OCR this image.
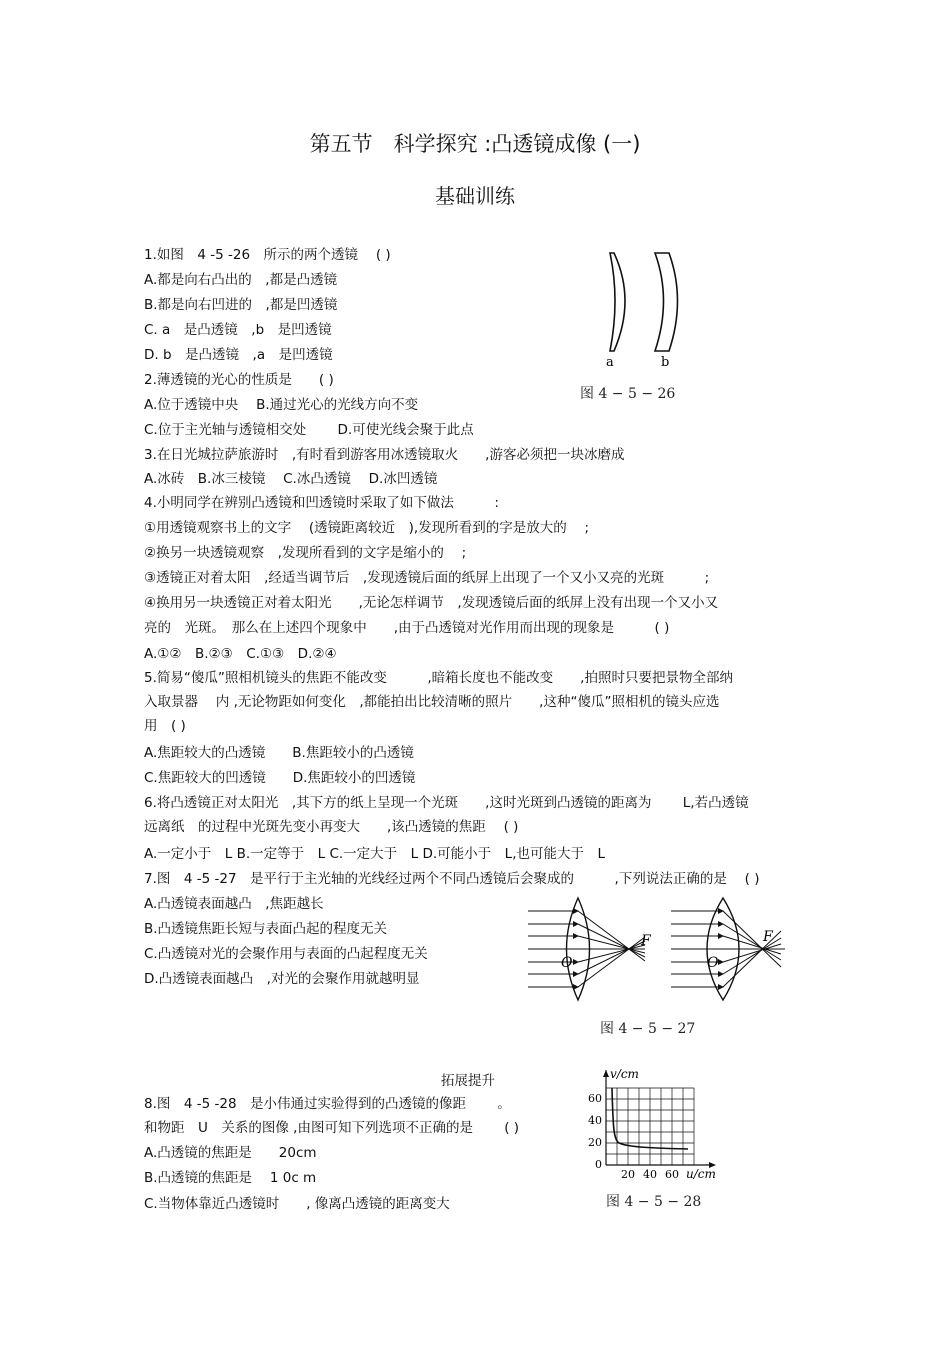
第五节　科学探究 :凸透镜成像 (一)
基础训练
1.如图　4 -5 -26　所示的两个透镜　 ( )
A.都是向右凸出的　,都是凸透镜
B.都是向右凹进的　,都是凹透镜
C. a　是凸透镜　,b　是凹透镜
D. b　是凸透镜　,a　是凹透镜
2.薄透镜的光心的性质是　　( )
A.位于透镜中央　 B.通过光心的光线方向不变
C.位于主光轴与透镜相交处　　 D.可使光线会聚于此点
3.在日光城拉萨旅游时　,有时看到游客用冰透镜取火　　,游客必须把一块冰磨成
A.冰砖　B.冰三棱镜　 C.冰凸透镜　 D.冰凹透镜
4.小明同学在辨别凸透镜和凹透镜时采取了如下做法　　　:
①用透镜观察书上的文字　 (透镜距离较近　),发现所看到的字是放大的　 ;
②换另一块透镜观察　,发现所看到的文字是缩小的　 ;
③透镜正对着太阳　,经适当调节后　,发现透镜后面的纸屏上出现了一个又小又亮的光斑　　　;
④换用另一块透镜正对着太阳光　　,无论怎样调节　,发现透镜后面的纸屏上没有出现一个又小又
亮的　光斑。　那么在上述四个现象中　　,由于凸透镜对光作用而出现的现象是　　　( )
A.①②　B.②③　C.①③　D.②④
5.简易“傻瓜”照相机镜头的焦距不能改变　　　,暗箱长度也不能改变　　,拍照时只要把景物全部纳
入取景器　 内 ,无论物距如何变化　,都能拍出比较清晰的照片　　,这种“傻瓜”照相机的镜头应选
用　( )
A.焦距较大的凸透镜　　B.焦距较小的凸透镜
C.焦距较大的凹透镜　　D.焦距较小的凹透镜
6.将凸透镜正对太阳光　,其下方的纸上呈现一个光斑　　,这时光斑到凸透镜的距离为　　 L,若凸透镜
远离纸　的过程中光斑先变小再变大　　,该凸透镜的焦距　 ( )
A.一定小于　L B.一定等于　L C.一定大于　L D.可能小于　L,也可能大于　L
7.图　4 -5 -27　是平行于主光轴的光线经过两个不同凸透镜后会聚成的　　　,下列说法正确的是　 ( )
A.凸透镜表面越凸　,焦距越长
B.凸透镜焦距长短与表面凸起的程度无关
C.凸透镜对光的会聚作用与表面的凸起程度无关
D.凸透镜表面越凸　,对光的会聚作用就越明显
拓展提升
8.图　4 -5 -28　是小伟通过实验得到的凸透镜的像距　　 。
和物距　U　关系的图像 ,由图可知下列选项不正确的是　　 ( )
A.凸透镜的焦距是　　20cm
B.凸透镜的焦距是　 1 0c m
C.当物体靠近凸透镜时　　, 像离凸透镜的距离变大
a	b
图 4 − 5 − 26
O
F
O
F
图 4 − 5 − 27
v/cm
u/cm
60
40
20
0
20 40 60
图 4 − 5 − 28
